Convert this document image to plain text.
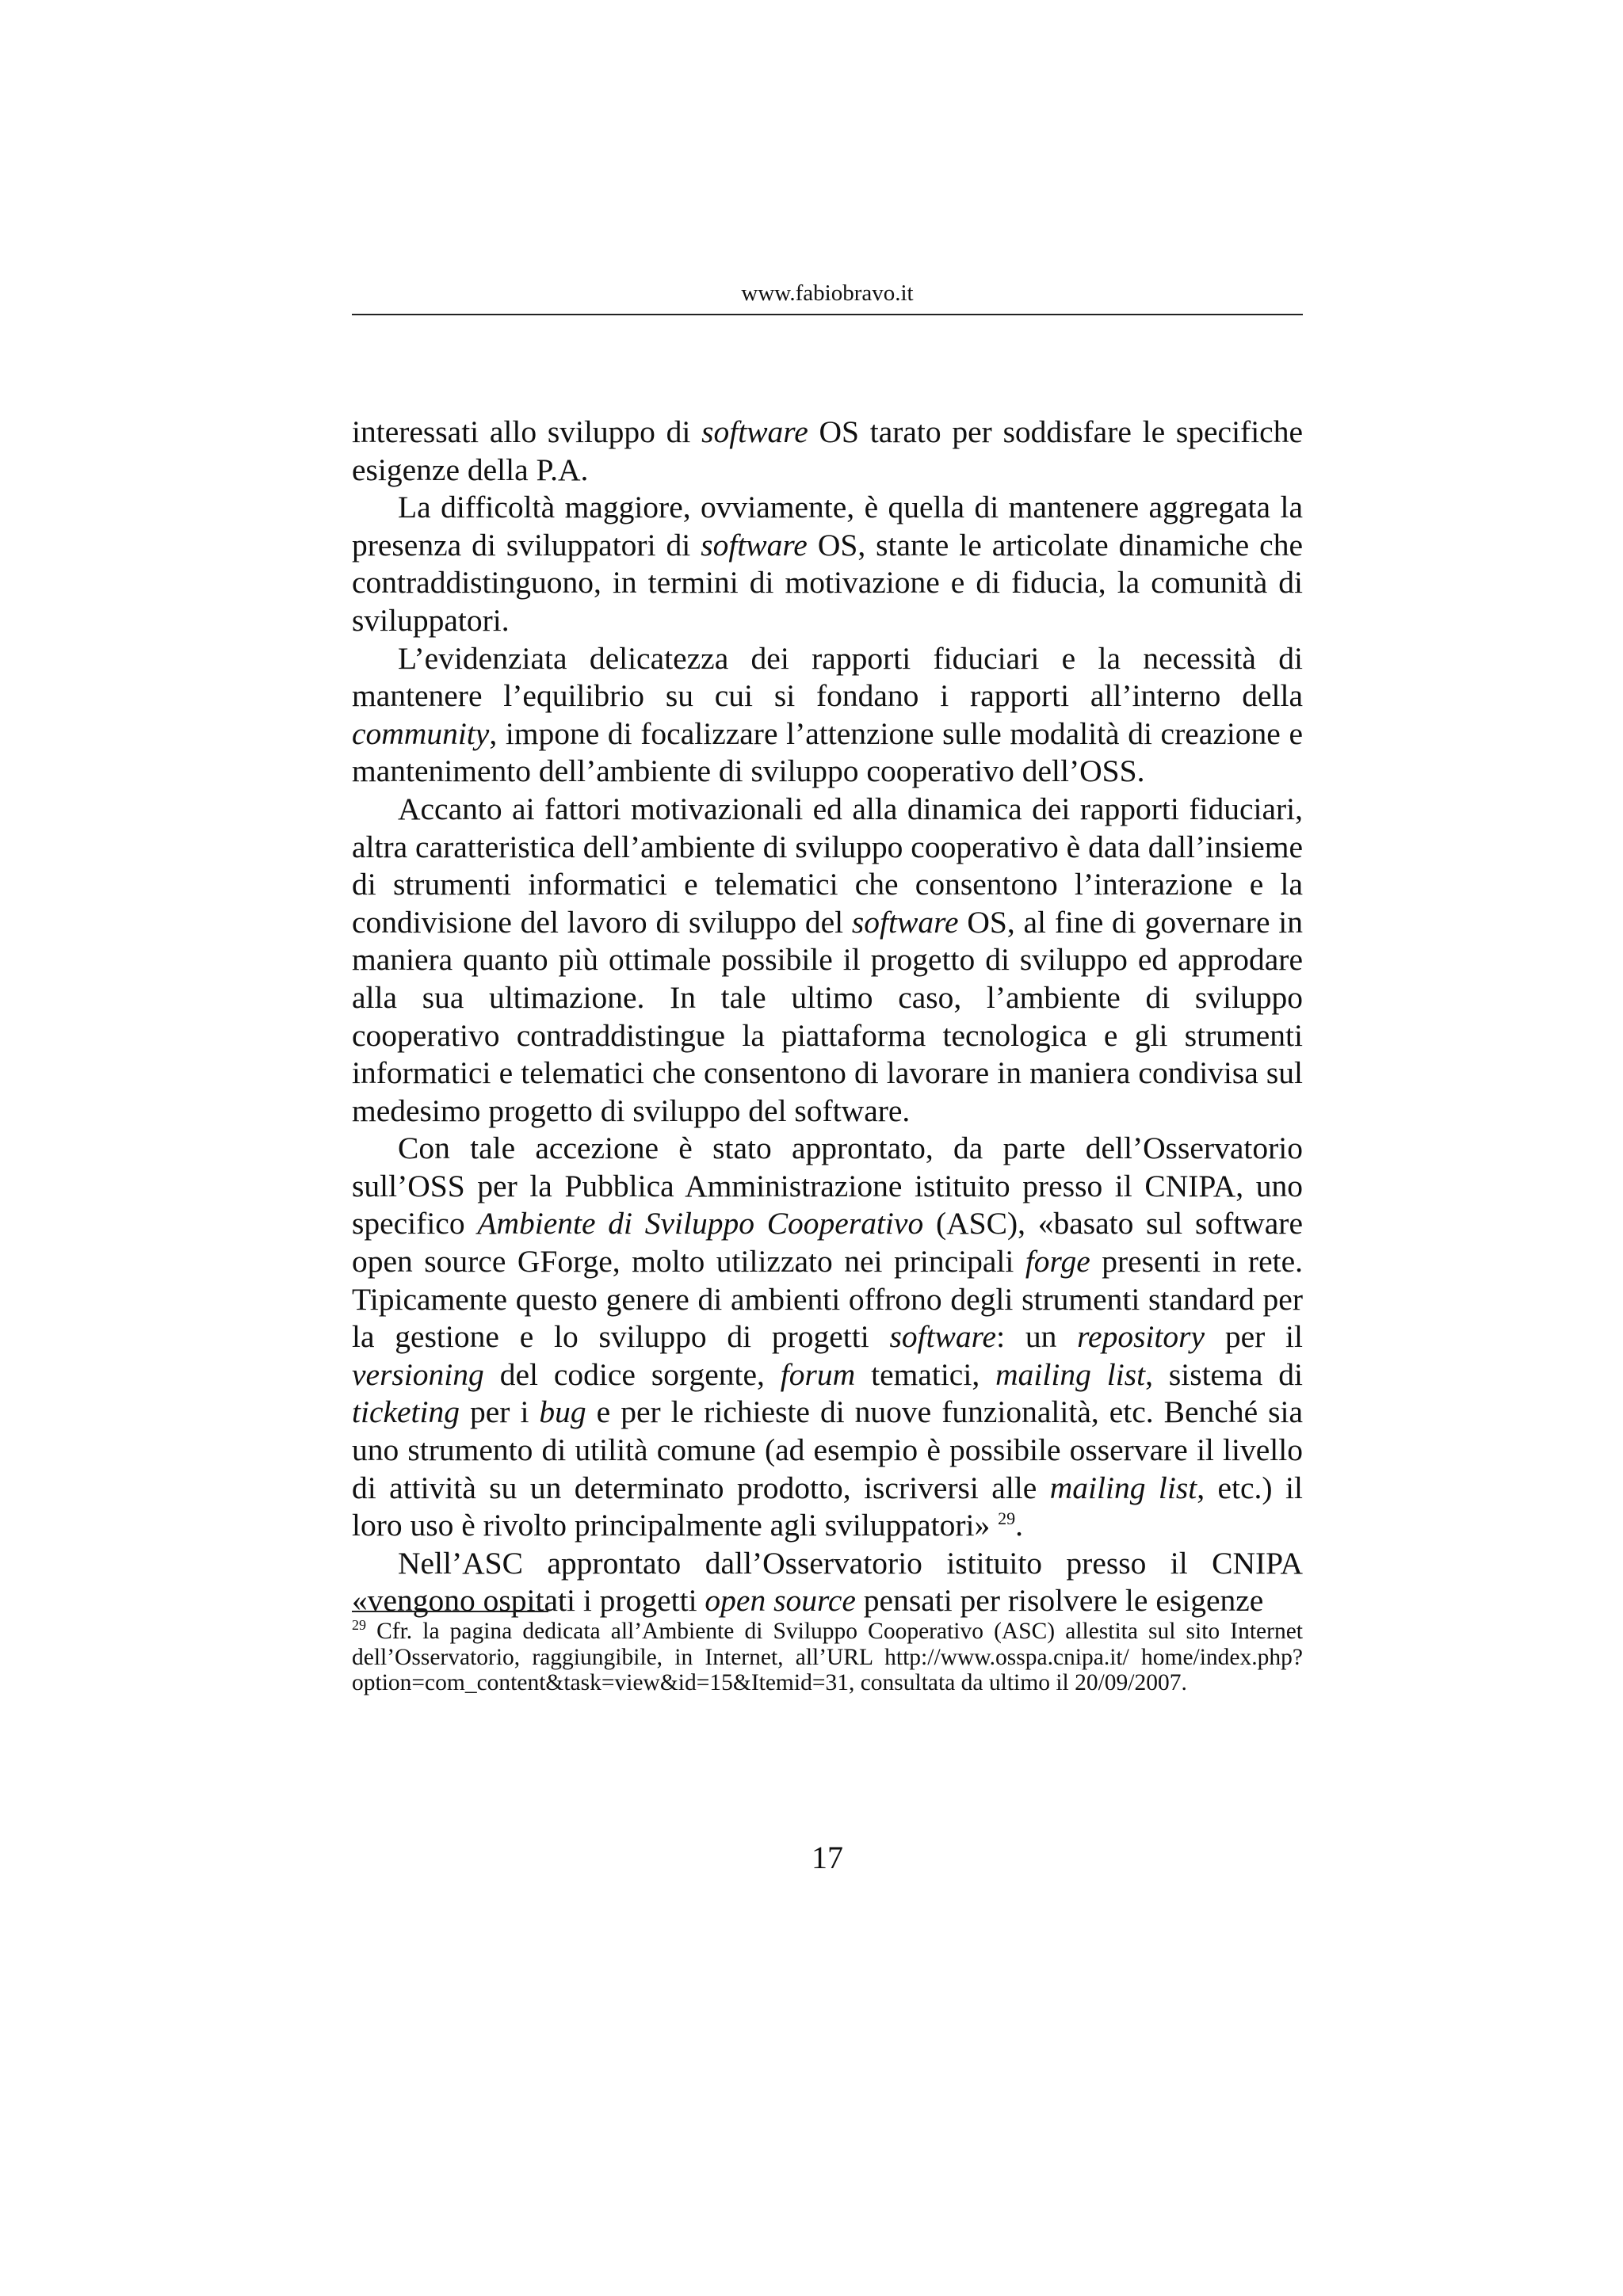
www.fabiobravo.it

interessati allo sviluppo di software OS tarato per soddisfare le specifiche esigenze della P.A.

La difficoltà maggiore, ovviamente, è quella di mantenere aggregata la presenza di sviluppatori di software OS, stante le articolate dinamiche che contraddistinguono, in termini di motivazione e di fiducia, la comunità di sviluppatori.

L’evidenziata delicatezza dei rapporti fiduciari e la necessità di mantenere l’equilibrio su cui si fondano i rapporti all’interno della community, impone di focalizzare l’attenzione sulle modalità di creazione e mantenimento dell’ambiente di sviluppo cooperativo dell’OSS.

Accanto ai fattori motivazionali ed alla dinamica dei rapporti fiduciari, altra caratteristica dell’ambiente di sviluppo cooperativo è data dall’insieme di strumenti informatici e telematici che consentono l’interazione e la condivisione del lavoro di sviluppo del software OS, al fine di governare in maniera quanto più ottimale possibile il progetto di sviluppo ed approdare alla sua ultimazione. In tale ultimo caso, l’ambiente di sviluppo cooperativo contraddistingue la piattaforma tecnologica e gli strumenti informatici e telematici che consentono di lavorare in maniera condivisa sul medesimo progetto di sviluppo del software.

Con tale accezione è stato approntato, da parte dell’Osservatorio sull’OSS per la Pubblica Amministrazione istituito presso il CNIPA, uno specifico Ambiente di Sviluppo Cooperativo (ASC), «basato sul software open source GForge, molto utilizzato nei principali forge presenti in rete. Tipicamente questo genere di ambienti offrono degli strumenti standard per la gestione e lo sviluppo di progetti software: un repository per il versioning del codice sorgente, forum tematici, mailing list, sistema di ticketing per i bug e per le richieste di nuove funzionalità, etc. Benché sia uno strumento di utilità comune (ad esempio è possibile osservare il livello di attività su un determinato prodotto, iscriversi alle mailing list, etc.) il loro uso è rivolto principalmente agli sviluppatori» $^{29}$.

Nell’ASC approntato dall’Osservatorio istituito presso il CNIPA «vengono ospitati i progetti open source pensati per risolvere le esigenze

$^{29}$ Cfr. la pagina dedicata all’Ambiente di Sviluppo Cooperativo (ASC) allestita sul sito Internet dell’Osservatorio, raggiungibile, in Internet, all’URL http://www.osspa.cnipa.it/ home/index.php?option=com_content&task=view&id=15&Itemid=31, consultata da ultimo il 20/09/2007.

17
